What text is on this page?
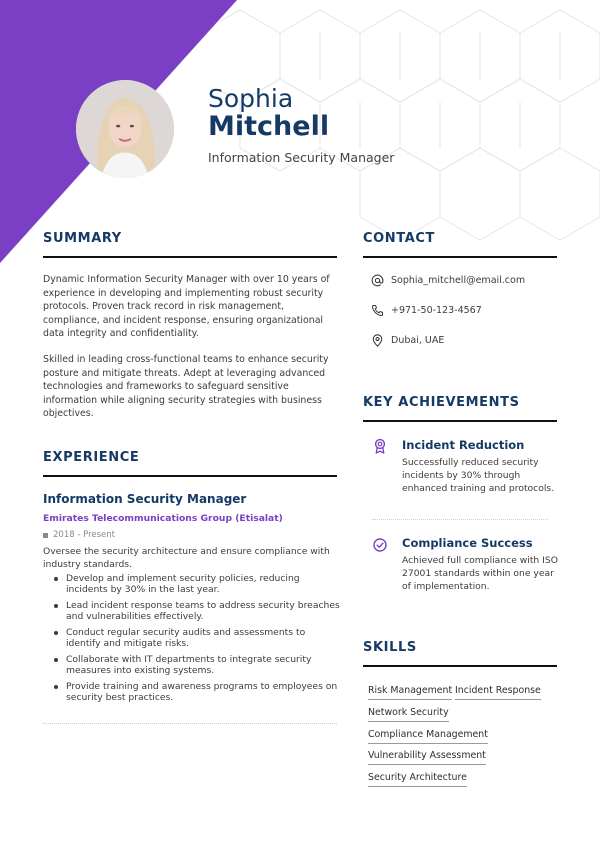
Sophia
Mitchell
Information Security Manager
SUMMARY

Dynamic Information Security Manager with over 10 years of experience in developing and implementing robust security protocols. Proven track record in risk management, compliance, and incident response, ensuring organizational data integrity and confidentiality.

Skilled in leading cross-functional teams to enhance security posture and mitigate threats. Adept at leveraging advanced technologies and frameworks to safeguard sensitive information while aligning security strategies with business objectives.

EXPERIENCE
Information Security Manager
Emirates Telecommunications Group (Etisalat)
2018 - Present

Oversee the security architecture and ensure compliance with industry standards.

Develop and implement security policies, reducing incidents by 30% in the last year.
Lead incident response teams to address security breaches and vulnerabilities effectively.
Conduct regular security audits and assessments to identify and mitigate risks.
Collaborate with IT departments to integrate security measures into existing systems.
Provide training and awareness programs to employees on security best practices.
CONTACT
Sophia_mitchell@email.com
+971-50-123-4567
Dubai, UAE
KEY ACHIEVEMENTS
Incident Reduction
Successfully reduced security incidents by 30% through enhanced training and protocols.
Compliance Success
Achieved full compliance with ISO 27001 standards within one year of implementation.
SKILLS
Risk Management Incident Response
Network Security
Compliance Management
Vulnerability Assessment
Security Architecture
